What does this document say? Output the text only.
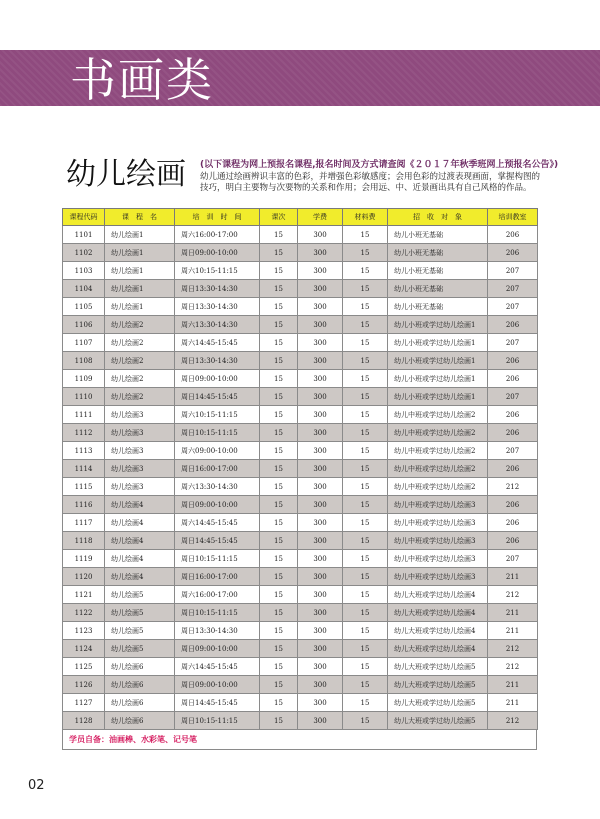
书画类
幼儿绘画 (以下课程为网上预报名课程,报名时间及方式请查阅《２０１７年秋季班网上预报名公告》)
幼儿通过绘画辨识丰富的色彩，并增强色彩敏感度；会用色彩的过渡表现画面，掌握构图的
技巧，明白主要物与次要物的关系和作用；会用远、中、近景画出具有自己风格的作品。
课程代码	课　程　名	培　训　时　间	课次	学费	材料费	招　收　对　象	培训教室
1101	幼儿绘画1	周六16:00-17:00	15	300	15	幼儿小班无基础	206
1102	幼儿绘画1	周日09:00-10:00	15	300	15	幼儿小班无基础	206
1103	幼儿绘画1	周六10:15-11:15	15	300	15	幼儿小班无基础	207
1104	幼儿绘画1	周日13:30-14:30	15	300	15	幼儿小班无基础	207
1105	幼儿绘画1	周日13:30-14:30	15	300	15	幼儿小班无基础	207
1106	幼儿绘画2	周六13:30-14:30	15	300	15	幼儿小班或学过幼儿绘画1	206
1107	幼儿绘画2	周六14:45-15:45	15	300	15	幼儿小班或学过幼儿绘画1	207
1108	幼儿绘画2	周日13:30-14:30	15	300	15	幼儿小班或学过幼儿绘画1	206
1109	幼儿绘画2	周日09:00-10:00	15	300	15	幼儿小班或学过幼儿绘画1	206
1110	幼儿绘画2	周日14:45-15:45	15	300	15	幼儿小班或学过幼儿绘画1	207
1111	幼儿绘画3	周六10:15-11:15	15	300	15	幼儿中班或学过幼儿绘画2	206
1112	幼儿绘画3	周日10:15-11:15	15	300	15	幼儿中班或学过幼儿绘画2	206
1113	幼儿绘画3	周六09:00-10:00	15	300	15	幼儿中班或学过幼儿绘画2	207
1114	幼儿绘画3	周日16:00-17:00	15	300	15	幼儿中班或学过幼儿绘画2	206
1115	幼儿绘画3	周六13:30-14:30	15	300	15	幼儿中班或学过幼儿绘画2	212
1116	幼儿绘画4	周日09:00-10:00	15	300	15	幼儿中班或学过幼儿绘画3	206
1117	幼儿绘画4	周六14:45-15:45	15	300	15	幼儿中班或学过幼儿绘画3	206
1118	幼儿绘画4	周日14:45-15:45	15	300	15	幼儿中班或学过幼儿绘画3	206
1119	幼儿绘画4	周日10:15-11:15	15	300	15	幼儿中班或学过幼儿绘画3	207
1120	幼儿绘画4	周日16:00-17:00	15	300	15	幼儿中班或学过幼儿绘画3	211
1121	幼儿绘画5	周六16:00-17:00	15	300	15	幼儿大班或学过幼儿绘画4	212
1122	幼儿绘画5	周日10:15-11:15	15	300	15	幼儿大班或学过幼儿绘画4	211
1123	幼儿绘画5	周日13:30-14:30	15	300	15	幼儿大班或学过幼儿绘画4	211
1124	幼儿绘画5	周日09:00-10:00	15	300	15	幼儿大班或学过幼儿绘画4	212
1125	幼儿绘画6	周六14:45-15:45	15	300	15	幼儿大班或学过幼儿绘画5	212
1126	幼儿绘画6	周日09:00-10:00	15	300	15	幼儿大班或学过幼儿绘画5	211
1127	幼儿绘画6	周日14:45-15:45	15	300	15	幼儿大班或学过幼儿绘画5	211
1128	幼儿绘画6	周日10:15-11:15	15	300	15	幼儿大班或学过幼儿绘画5	212
学员自备：油画棒、水彩笔、记号笔
02
